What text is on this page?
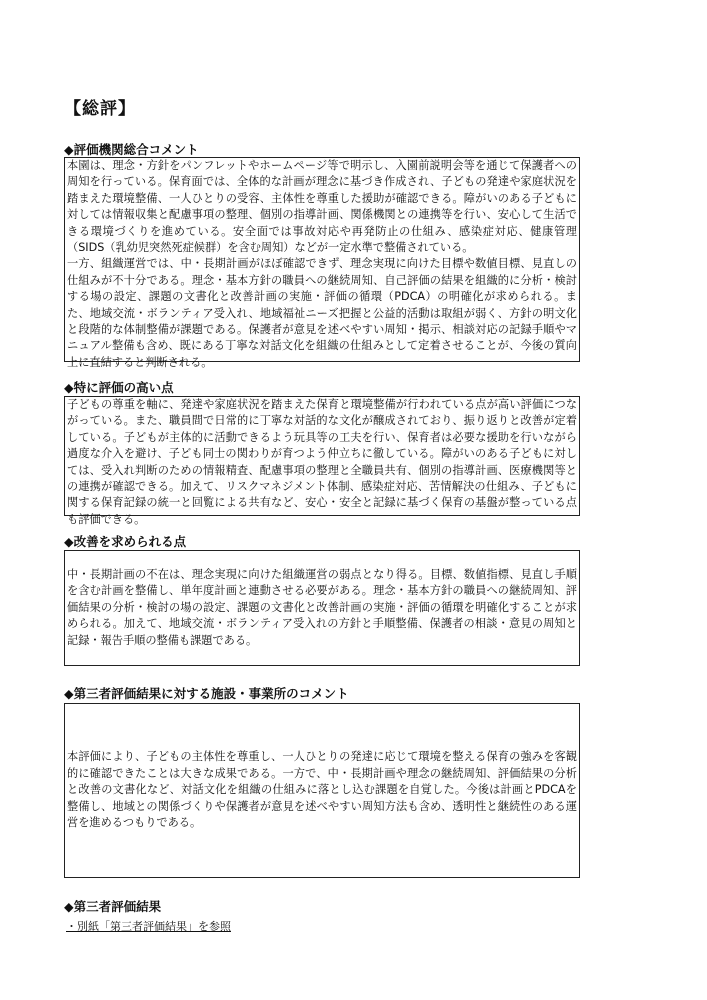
【総評】
◆評価機関総合コメント

本園は、理念・方針をパンフレットやホームページ等で明示し、入園前説明会等を通じて保護者への周知を行っている。保育面では、全体的な計画が理念に基づき作成され、子どもの発達や家庭状況を踏まえた環境整備、一人ひとりの受容、主体性を尊重した援助が確認できる。障がいのある子どもに対しては情報収集と配慮事項の整理、個別の指導計画、関係機関との連携等を行い、安心して生活できる環境づくりを進めている。安全面では事故対応や再発防止の仕組み、感染症対応、健康管理（SIDS（乳幼児突然死症候群）を含む周知）などが一定水準で整備されている。

一方、組織運営では、中・長期計画がほぼ確認できず、理念実現に向けた目標や数値目標、見直しの仕組みが不十分である。理念・基本方針の職員への継続周知、自己評価の結果を組織的に分析・検討する場の設定、課題の文書化と改善計画の実施・評価の循環（PDCA）の明確化が求められる。また、地域交流・ボランティア受入れ、地域福祉ニーズ把握と公益的活動は取組が弱く、方針の明文化と段階的な体制整備が課題である。保護者が意見を述べやすい周知・掲示、相談対応の記録手順やマニュアル整備も含め、既にある丁寧な対話文化を組織の仕組みとして定着させることが、今後の質向上に直結すると判断される。

◆特に評価の高い点

子どもの尊重を軸に、発達や家庭状況を踏まえた保育と環境整備が行われている点が高い評価につながっている。また、職員間で日常的に丁寧な対話的な文化が醸成されており、振り返りと改善が定着している。子どもが主体的に活動できるよう玩具等の工夫を行い、保育者は必要な援助を行いながら過度な介入を避け、子ども同士の関わりが育つよう仲立ちに徹している。障がいのある子どもに対しては、受入れ判断のための情報精査、配慮事項の整理と全職員共有、個別の指導計画、医療機関等との連携が確認できる。加えて、リスクマネジメント体制、感染症対応、苦情解決の仕組み、子どもに関する保育記録の統一と回覧による共有など、安心・安全と記録に基づく保育の基盤が整っている点も評価できる。

◆改善を求められる点

中・長期計画の不在は、理念実現に向けた組織運営の弱点となり得る。目標、数値指標、見直し手順を含む計画を整備し、単年度計画と連動させる必要がある。理念・基本方針の職員への継続周知、評価結果の分析・検討の場の設定、課題の文書化と改善計画の実施・評価の循環を明確化することが求められる。加えて、地域交流・ボランティア受入れの方針と手順整備、保護者の相談・意見の周知と記録・報告手順の整備も課題である。

◆第三者評価結果に対する施設・事業所のコメント

本評価により、子どもの主体性を尊重し、一人ひとりの発達に応じて環境を整える保育の強みを客観的に確認できたことは大きな成果である。一方で、中・長期計画や理念の継続周知、評価結果の分析と改善の文書化など、対話文化を組織の仕組みに落とし込む課題を自覚した。今後は計画とPDCAを整備し、地域との関係づくりや保護者が意見を述べやすい周知方法も含め、透明性と継続性のある運営を進めるつもりである。

◆第三者評価結果
・別紙「第三者評価結果」を参照
